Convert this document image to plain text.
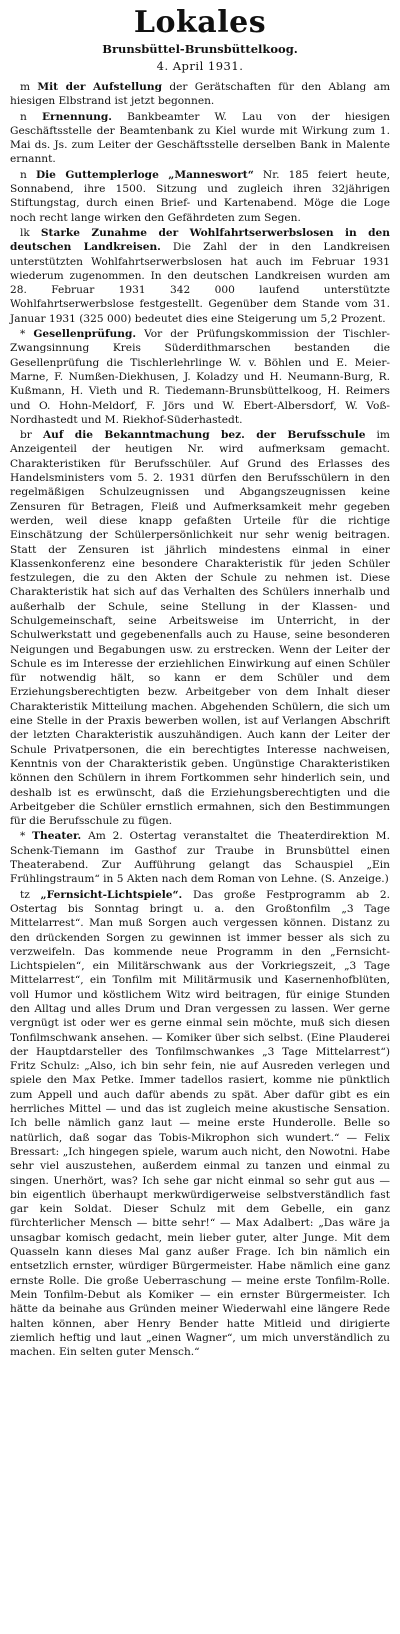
Lokales
Brunsbüttel-Brunsbüttelkoog.
4. April 1931.

m Mit der Aufstellung der Gerätschaften für den Ablang am hiesigen Elbstrand ist jetzt begonnen.

n Ernennung. Bankbeamter W. Lau von der hiesigen Geschäftsstelle der Beamtenbank zu Kiel wurde mit Wirkung zum 1. Mai ds. Js. zum Leiter der Geschäftsstelle derselben Bank in Malente ernannt.

n Die Guttemplerloge „Manneswort“ Nr. 185 feiert heute, Sonnabend, ihre 1500. Sitzung und zugleich ihren 32jährigen Stiftungstag, durch einen Brief- und Kartenabend. Möge die Loge noch recht lange wirken den Gefährdeten zum Segen.

lk Starke Zunahme der Wohlfahrtserwerbslosen in den deutschen Landkreisen. Die Zahl der in den Landkreisen unterstützten Wohlfahrtserwerbslosen hat auch im Februar 1931 wiederum zugenommen. In den deutschen Landkreisen wurden am 28. Februar 1931 342 000 laufend unterstützte Wohlfahrtserwerbslose festgestellt. Gegenüber dem Stande vom 31. Januar 1931 (325 000) bedeutet dies eine Steigerung um 5,2 Prozent.

* Gesellenprüfung. Vor der Prüfungskommission der Tischler-Zwangsinnung Kreis Süderdithmarschen bestanden die Gesellenprüfung die Tischlerlehrlinge W. v. Böhlen und E. Meier-Marne, F. Numßen-Diekhusen, J. Koladzy und H. Neumann-Burg, R. Kußmann, H. Vieth und R. Tiedemann-Brunsbüttelkoog, H. Reimers und O. Hohn-Meldorf, F. Jörs und W. Ebert-Albersdorf, W. Voß-Nordhastedt und M. Riekhof-Süderhastedt.

br Auf die Bekanntmachung bez. der Berufsschule im Anzeigenteil der heutigen Nr. wird aufmerksam gemacht. Charakteristiken für Berufsschüler. Auf Grund des Erlasses des Handelsministers vom 5. 2. 1931 dürfen den Berufsschülern in den regelmäßigen Schulzeugnissen und Abgangszeugnissen keine Zensuren für Betragen, Fleiß und Aufmerksamkeit mehr gegeben werden, weil diese knapp gefaßten Urteile für die richtige Einschätzung der Schülerpersönlichkeit nur sehr wenig beitragen. Statt der Zensuren ist jährlich mindestens einmal in einer Klassenkonferenz eine besondere Charakteristik für jeden Schüler festzulegen, die zu den Akten der Schule zu nehmen ist. Diese Charakteristik hat sich auf das Verhalten des Schülers innerhalb und außerhalb der Schule, seine Stellung in der Klassen- und Schulgemeinschaft, seine Arbeitsweise im Unterricht, in der Schulwerkstatt und gegebenenfalls auch zu Hause, seine besonderen Neigungen und Begabungen usw. zu erstrecken. Wenn der Leiter der Schule es im Interesse der erziehlichen Einwirkung auf einen Schüler für notwendig hält, so kann er dem Schüler und dem Erziehungsberechtigten bezw. Arbeitgeber von dem Inhalt dieser Charakteristik Mitteilung machen. Abgehenden Schülern, die sich um eine Stelle in der Praxis bewerben wollen, ist auf Verlangen Abschrift der letzten Charakteristik auszuhändigen. Auch kann der Leiter der Schule Privatpersonen, die ein berechtigtes Interesse nachweisen, Kenntnis von der Charakteristik geben. Ungünstige Charakteristiken können den Schülern in ihrem Fortkommen sehr hinderlich sein, und deshalb ist es erwünscht, daß die Erziehungsberechtigten und die Arbeitgeber die Schüler ernstlich ermahnen, sich den Bestimmungen für die Berufsschule zu fügen.

* Theater. Am 2. Ostertag veranstaltet die Theaterdirektion M. Schenk-Tiemann im Gasthof zur Traube in Brunsbüttel einen Theaterabend. Zur Aufführung gelangt das Schauspiel „Ein Frühlingstraum“ in 5 Akten nach dem Roman von Lehne. (S. Anzeige.)

tz „Fernsicht-Lichtspiele“. Das große Festprogramm ab 2. Ostertag bis Sonntag bringt u. a. den Großtonfilm „3 Tage Mittelarrest“. Man muß Sorgen auch vergessen können. Distanz zu den drückenden Sorgen zu gewinnen ist immer besser als sich zu verzweifeln. Das kommende neue Programm in den „Fernsicht-Lichtspielen“, ein Militärschwank aus der Vorkriegszeit, „3 Tage Mittelarrest“, ein Tonfilm mit Militärmusik und Kasernenhofblüten, voll Humor und köstlichem Witz wird beitragen, für einige Stunden den Alltag und alles Drum und Dran vergessen zu lassen. Wer gerne vergnügt ist oder wer es gerne einmal sein möchte, muß sich diesen Tonfilmschwank ansehen. — Komiker über sich selbst. (Eine Plauderei der Hauptdarsteller des Tonfilmschwankes „3 Tage Mittelarrest“) Fritz Schulz: „Also, ich bin sehr fein, nie auf Ausreden verlegen und spiele den Max Petke. Immer tadellos rasiert, komme nie pünktlich zum Appell und auch dafür abends zu spät. Aber dafür gibt es ein herrliches Mittel — und das ist zugleich meine akustische Sensation. Ich belle nämlich ganz laut — meine erste Hunderolle. Belle so natürlich, daß sogar das Tobis-Mikrophon sich wundert.“ — Felix Bressart: „Ich hingegen spiele, warum auch nicht, den Nowotni. Habe sehr viel auszustehen, außerdem einmal zu tanzen und einmal zu singen. Unerhört, was? Ich sehe gar nicht einmal so sehr gut aus — bin eigentlich überhaupt merkwürdigerweise selbstverständlich fast gar kein Soldat. Dieser Schulz mit dem Gebelle, ein ganz fürchterlicher Mensch — bitte sehr!“ — Max Adalbert: „Das wäre ja unsagbar komisch gedacht, mein lieber guter, alter Junge. Mit dem Quasseln kann dieses Mal ganz außer Frage. Ich bin nämlich ein entsetzlich ernster, würdiger Bürgermeister. Habe nämlich eine ganz ernste Rolle. Die große Ueberraschung — meine erste Tonfilm-Rolle. Mein Tonfilm-Debut als Komiker — ein ernster Bürgermeister. Ich hätte da beinahe aus Gründen meiner Wiederwahl eine längere Rede halten können, aber Henry Bender hatte Mitleid und dirigierte ziemlich heftig und laut „einen Wagner“, um mich unverständlich zu machen. Ein selten guter Mensch.“
